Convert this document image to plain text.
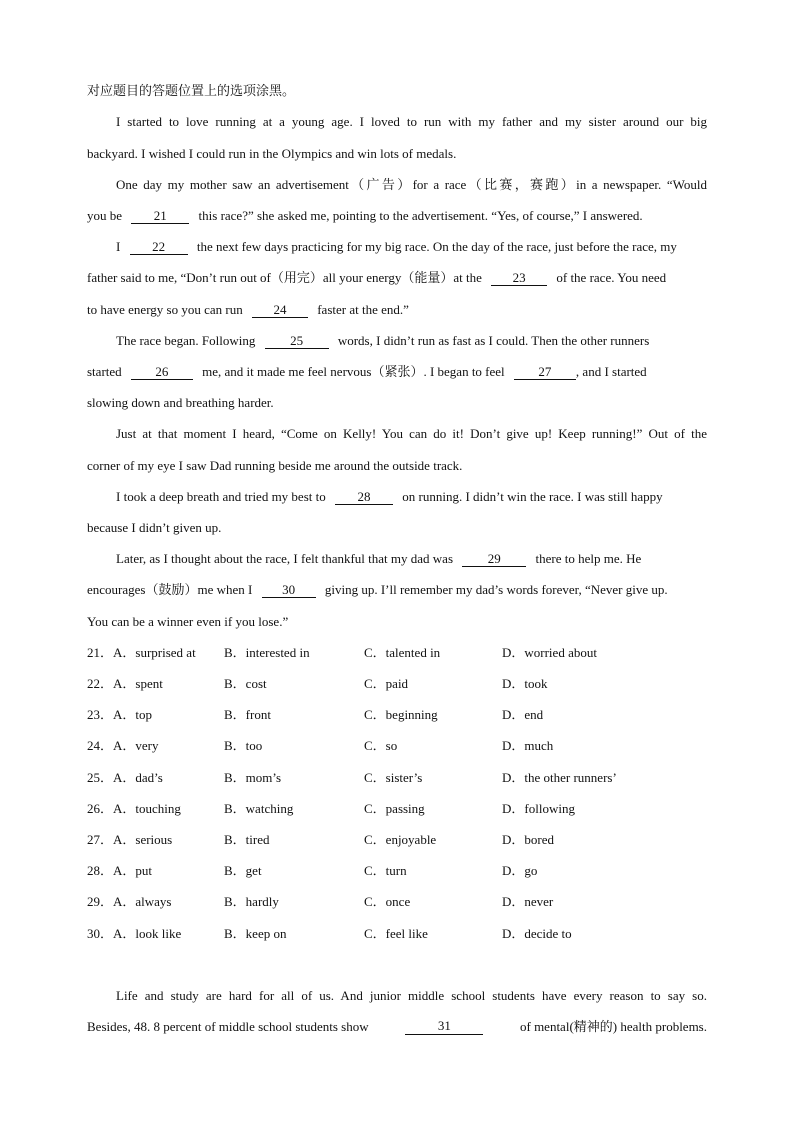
对应题目的答题位置上的选项涂黑。
I started to love running at a young age. I loved to run with my father and my sister around our big
backyard. I wished I could run in the Olympics and win lots of medals.
One day my mother saw an advertisement（广告）for a race（比赛，赛跑）in a newspaper. “Would
you be 21 this race?” she asked me, pointing to the advertisement. “Yes, of course,” I answered.
I 22 the next few days practicing for my big race. On the day of the race, just before the race, my
father said to me, “Don’t run out of（用完）all your energy（能量）at the 23 of the race. You need
to have energy so you can run 24 faster at the end.”
The race began. Following	25	words, I didn’t run as fast as I could. Then the other runners
started	26	me, and it made me feel nervous（紧张）. I began to feel	27 , and I started
slowing down and breathing harder.
Just at that moment I heard, “Come on Kelly! You can do it! Don’t give up! Keep running!” Out of the
corner of my eye I saw Dad running beside me around the outside track.
I took a deep breath and tried my best to 28 on running. I didn’t win the race. I was still happy
because I didn’t given up.
Later, as I thought about the race, I felt thankful that my dad was	29	there to help me. He
encourages（鼓励）me when I 30 giving up. I’ll remember my dad’s words forever, “Never give up.
You can be a winner even if you lose.”
21．A．surprised at B．interested in	C．talented in	D．worried about
22．A．spent	B．cost	C．paid	D．took
23．A．top	B．front	C．beginning	D．end
24．A．very	B．too	C．so	D．much
25．A．dad’s	B．mom’s	C．sister’s	D．the other runners’
26．A．touching	B．watching	C．passing	D．following
27．A．serious	B．tired	C．enjoyable	D．bored
28．A．put	B．get	C．turn	D．go
29．A．always	B．hardly	C．once	D．never
30．A．look like	B．keep on	C．feel like	D．decide to
Life and study are hard for all of us. And junior middle school students have every reason to say so.
Besides, 48. 8 percent of middle school students show	31	of mental(精神的) health problems.
